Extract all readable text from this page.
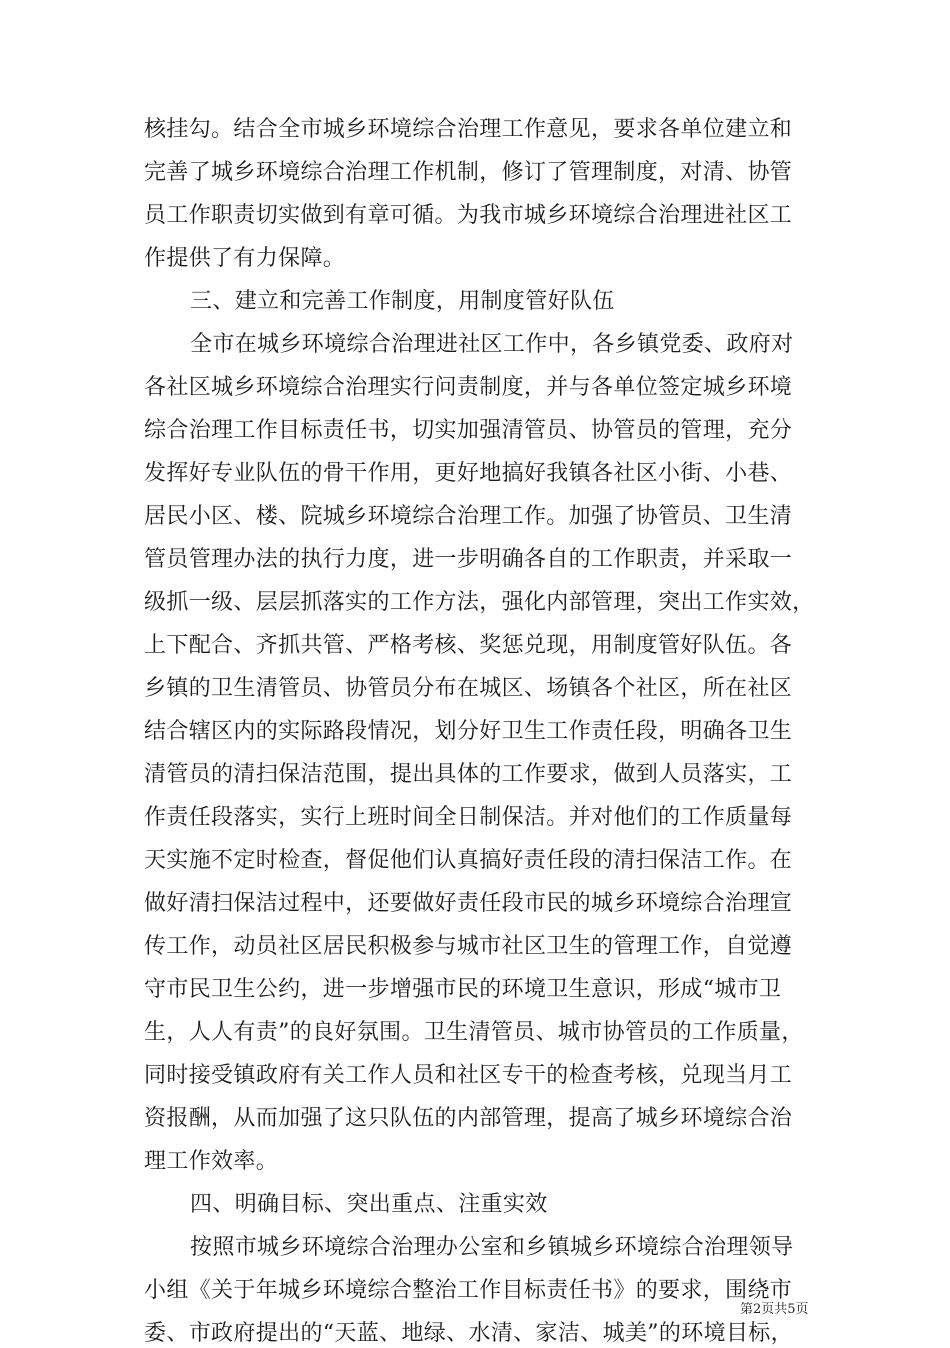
核挂勾。结合全市城乡环境综合治理工作意见，要求各单位建立和
完善了城乡环境综合治理工作机制，修订了管理制度，对清、协管
员工作职责切实做到有章可循。为我市城乡环境综合治理进社区工
作提供了有力保障。
三、建立和完善工作制度，用制度管好队伍
全市在城乡环境综合治理进社区工作中，各乡镇党委、政府对
各社区城乡环境综合治理实行问责制度，并与各单位签定城乡环境
综合治理工作目标责任书，切实加强清管员、协管员的管理，充分
发挥好专业队伍的骨干作用，更好地搞好我镇各社区小街、小巷、
居民小区、楼、院城乡环境综合治理工作。加强了协管员、卫生清
管员管理办法的执行力度，进一步明确各自的工作职责，并采取一
级抓一级、层层抓落实的工作方法，强化内部管理，突出工作实效，
上下配合、齐抓共管、严格考核、奖惩兑现，用制度管好队伍。各
乡镇的卫生清管员、协管员分布在城区、场镇各个社区，所在社区
结合辖区内的实际路段情况，划分好卫生工作责任段，明确各卫生
清管员的清扫保洁范围，提出具体的工作要求，做到人员落实，工
作责任段落实，实行上班时间全日制保洁。并对他们的工作质量每
天实施不定时检查，督促他们认真搞好责任段的清扫保洁工作。在
做好清扫保洁过程中，还要做好责任段市民的城乡环境综合治理宣
传工作，动员社区居民积极参与城市社区卫生的管理工作，自觉遵
守市民卫生公约，进一步增强市民的环境卫生意识，形成“城市卫
生，人人有责”的良好氛围。卫生清管员、城市协管员的工作质量，
同时接受镇政府有关工作人员和社区专干的检查考核，兑现当月工
资报酬，从而加强了这只队伍的内部管理，提高了城乡环境综合治
理工作效率。
四、明确目标、突出重点、注重实效
按照市城乡环境综合治理办公室和乡镇城乡环境综合治理领导
小组《关于年城乡环境综合整治工作目标责任书》的要求，围绕市
委、市政府提出的“天蓝、地绿、水清、家洁、城美”的环境目标，
第2页共5页
